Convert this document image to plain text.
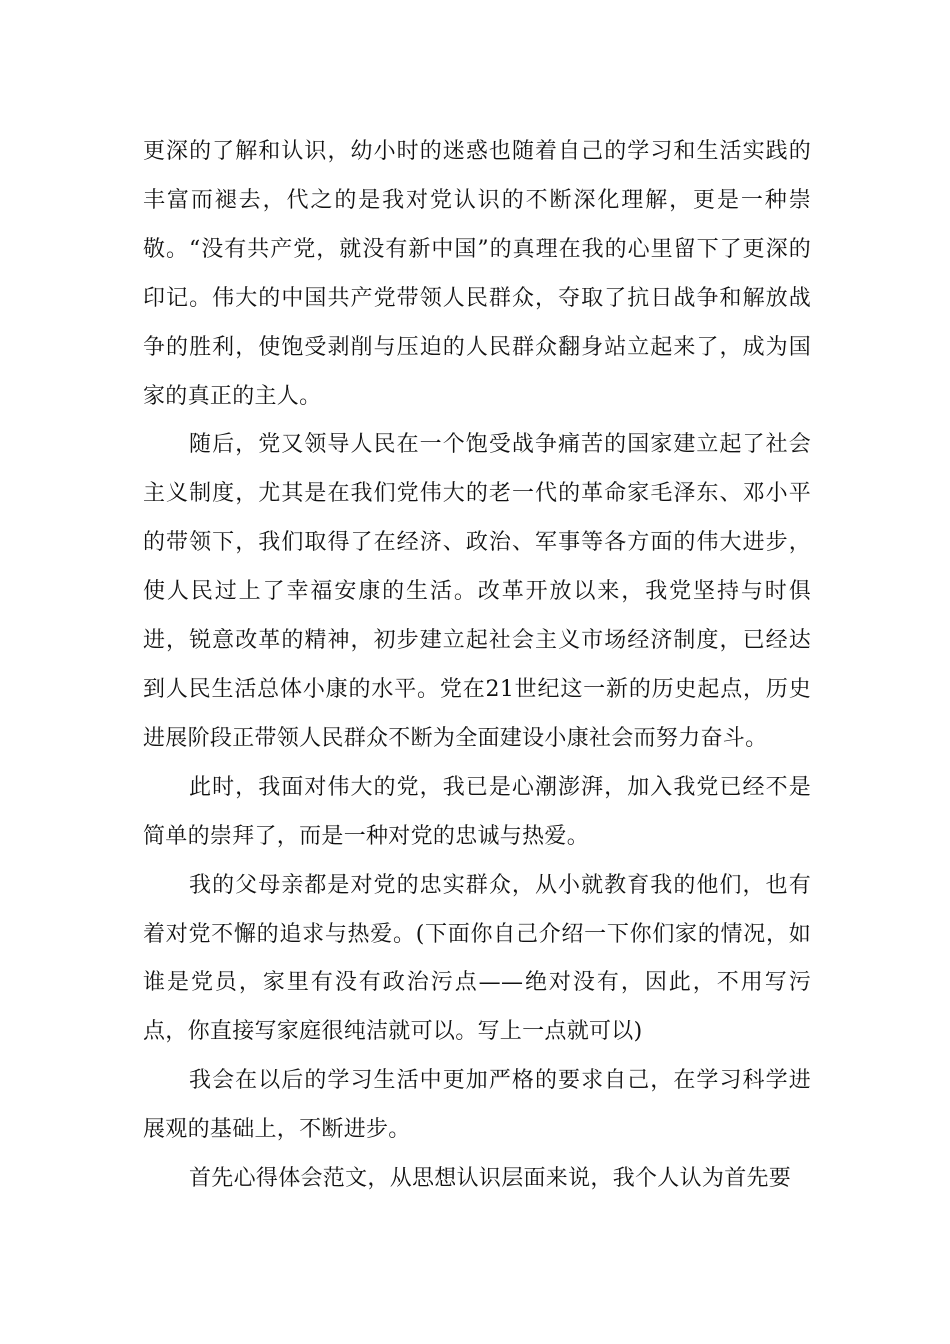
更深的了解和认识，幼小时的迷惑也随着自己的学习和生活实践的丰富而褪去，代之的是我对党认识的不断深化理解，更是一种崇敬。“没有共产党，就没有新中国”的真理在我的心里留下了更深的印记。伟大的中国共产党带领人民群众，夺取了抗日战争和解放战争的胜利，使饱受剥削与压迫的人民群众翻身站立起来了，成为国家的真正的主人。

随后，党又领导人民在一个饱受战争痛苦的国家建立起了社会主义制度，尤其是在我们党伟大的老一代的革命家毛泽东、邓小平的带领下，我们取得了在经济、政治、军事等各方面的伟大进步，使人民过上了幸福安康的生活。改革开放以来，我党坚持与时俱进，锐意改革的精神，初步建立起社会主义市场经济制度，已经达到人民生活总体小康的水平。党在21世纪这一新的历史起点，历史进展阶段正带领人民群众不断为全面建设小康社会而努力奋斗。

此时，我面对伟大的党，我已是心潮澎湃，加入我党已经不是简单的崇拜了，而是一种对党的忠诚与热爱。

我的父母亲都是对党的忠实群众，从小就教育我的他们，也有着对党不懈的追求与热爱。(下面你自己介绍一下你们家的情况，如谁是党员，家里有没有政治污点——绝对没有，因此，不用写污点，你直接写家庭很纯洁就可以。写上一点就可以)

我会在以后的学习生活中更加严格的要求自己，在学习科学进展观的基础上，不断进步。

首先心得体会范文，从思想认识层面来说，我个人认为首先要
